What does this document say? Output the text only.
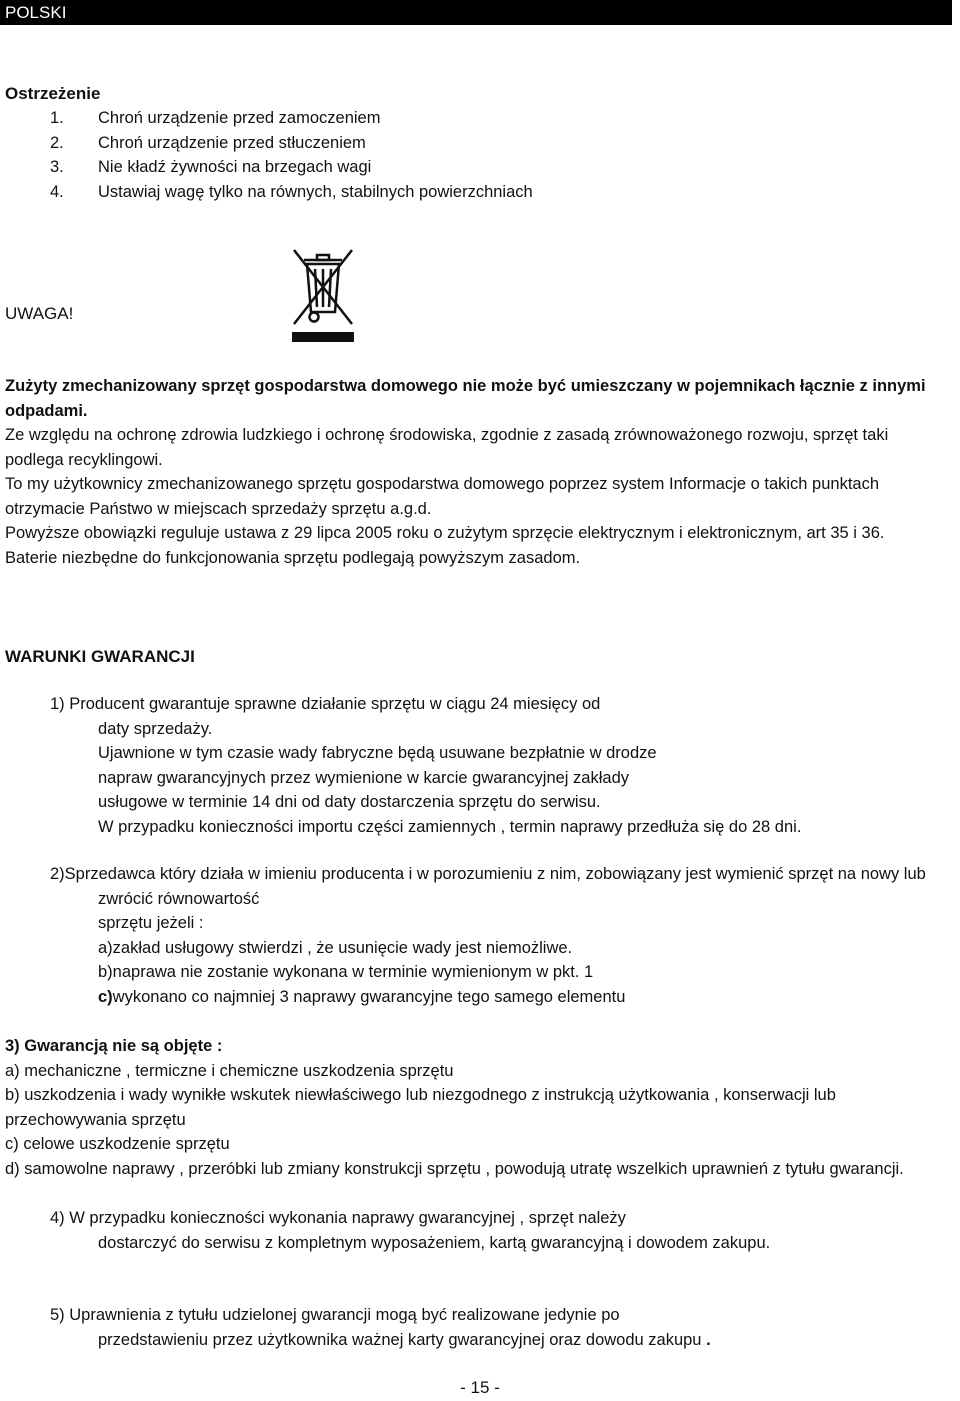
POLSKI
Ostrzeżenie
1. Chroń urządzenie przed zamoczeniem
2. Chroń urządzenie przed stłuczeniem
3. Nie kładź żywności na brzegach wagi
4. Ustawiaj wagę tylko na równych, stabilnych powierzchniach
UWAGA!

Zużyty zmechanizowany sprzęt gospodarstwa domowego nie może być umieszczany w pojemnikach łącznie z innymi odpadami.

Ze względu na ochronę zdrowia ludzkiego i ochronę środowiska, zgodnie z zasadą zrównoważonego rozwoju, sprzęt taki podlega recyklingowi.

To my użytkownicy zmechanizowanego sprzętu gospodarstwa domowego poprzez system Informacje o takich punktach otrzymacie Państwo w miejscach sprzedaży sprzętu a.g.d.

Powyższe obowiązki reguluje ustawa z 29 lipca 2005 roku o zużytym sprzęcie elektrycznym i elektronicznym, art 35 i 36.

Baterie niezbędne do funkcjonowania sprzętu podlegają powyższym zasadom.

WARUNKI GWARANCJI

1) Producent gwarantuje sprawne działanie sprzętu w ciągu 24 miesięcy od

daty sprzedaży.

Ujawnione w tym czasie wady fabryczne będą usuwane bezpłatnie w drodze

napraw gwarancyjnych przez wymienione w karcie gwarancyjnej zakłady

usługowe w terminie 14 dni od daty dostarczenia sprzętu do serwisu.

W przypadku konieczności importu części zamiennych , termin naprawy przedłuża się do 28 dni.

2)Sprzedawca który działa w imieniu producenta i w porozumieniu z nim, zobowiązany jest wymienić sprzęt na nowy lub zwrócić równowartość

sprzętu jeżeli :

a)zakład usługowy stwierdzi , że usunięcie wady jest niemożliwe.

b)naprawa nie zostanie wykonana w terminie wymienionym w pkt. 1

c)wykonano co najmniej 3 naprawy gwarancyjne tego samego elementu

3) Gwarancją nie są objęte :

a) mechaniczne , termiczne i chemiczne uszkodzenia sprzętu

b) uszkodzenia i wady wynikłe wskutek niewłaściwego lub niezgodnego z instrukcją użytkowania , konserwacji lub przechowywania sprzętu

c) celowe uszkodzenie sprzętu

d) samowolne naprawy , przeróbki lub zmiany konstrukcji sprzętu , powodują utratę wszelkich uprawnień z tytułu gwarancji.

4) W przypadku konieczności wykonania naprawy gwarancyjnej , sprzęt należy

dostarczyć do serwisu z kompletnym wyposażeniem, kartą gwarancyjną i dowodem zakupu.

5) Uprawnienia z tytułu udzielonej gwarancji mogą być realizowane jedynie po

przedstawieniu przez użytkownika ważnej karty gwarancyjnej oraz dowodu zakupu .

- 15 -
